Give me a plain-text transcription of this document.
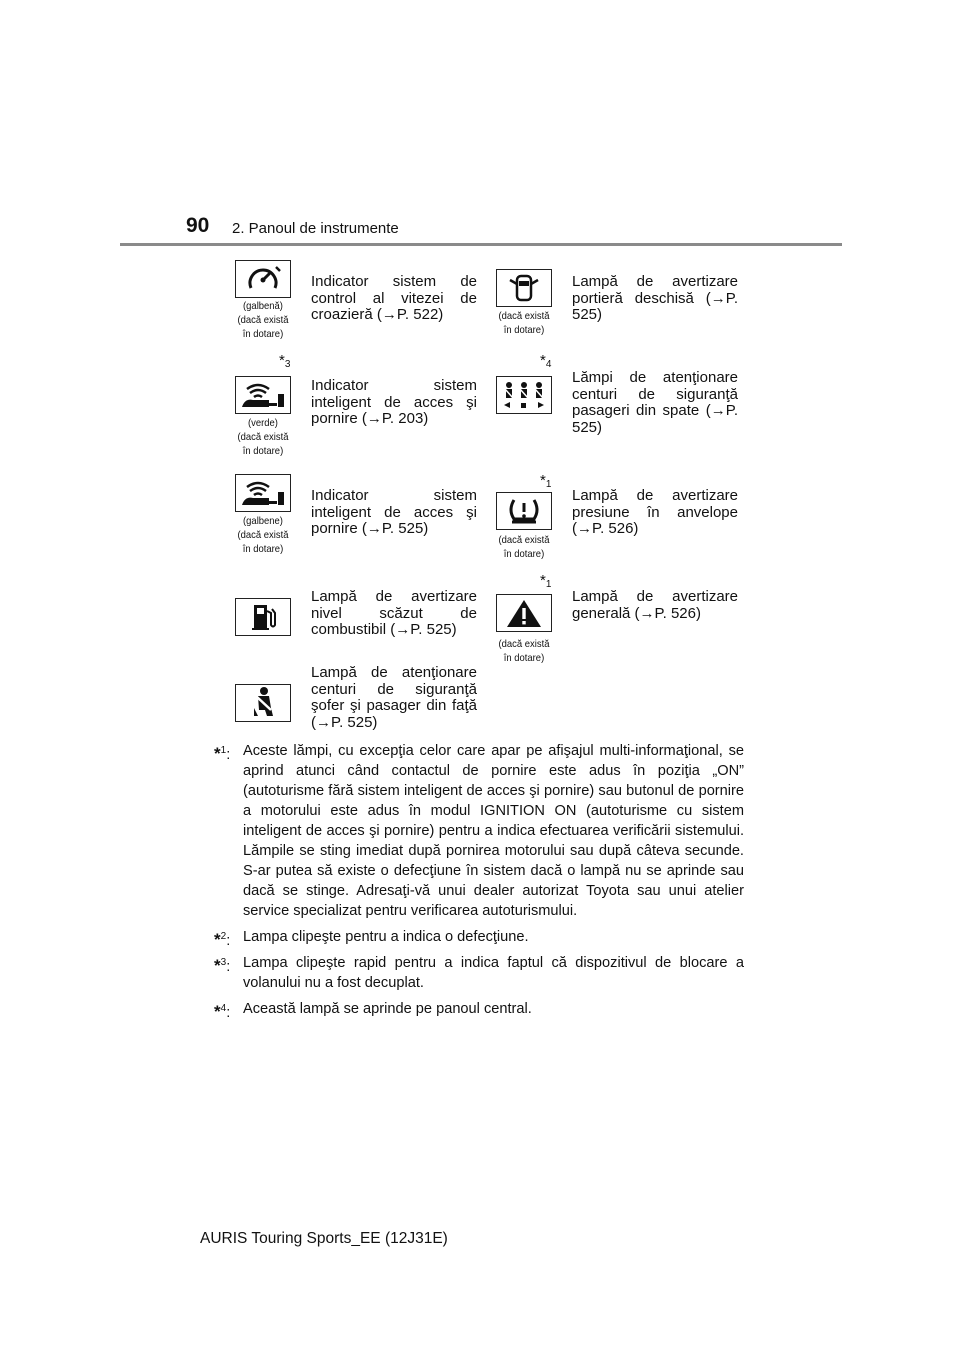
90 2. Panoul de instrumente
(galbenă)
(dacă există
în dotare)
Indicator sistem de control al vitezei de croazieră (→P. 522)	(dacă există
în dotare)
Lampă de avertizare portieră deschisă (→P. 525)
$*_3$
(verde)
(dacă există
în dotare)
Indicator sistem inteligent de acces şi pornire (→P. 203)
$*_4$
Lămpi de atenţionare centuri de siguranţă pasageri din spate (→P. 525)
(galbene)
(dacă există
în dotare)
Indicator sistem inteligent de acces şi pornire (→P. 525)
$*_1$
(dacă există
în dotare)
Lampă de avertizare presiune în anvelope (→P. 526)
Lampă de avertizare nivel scăzut de combustibil (→P. 525)
$*_1$
(dacă există
în dotare)
Lampă de avertizare generală (→P. 526)
Lampă de atenţionare centuri de siguranţă şofer şi pasager din faţă (→P. 525)
*$^1$: Aceste lămpi, cu excepţia celor care apar pe afişajul multi-informaţional, se aprind atunci când contactul de pornire este adus în poziţia „ON” (autoturisme fără sistem inteligent de acces şi pornire) sau butonul de pornire a motorului este adus în modul IGNITION ON (autoturisme cu sistem inteligent de acces şi pornire) pentru a indica efectuarea verificării sistemului. Lămpile se sting imediat după pornirea motorului sau după câteva secunde. S-ar putea să existe o defecţiune în sistem dacă o lampă nu se aprinde sau dacă se stinge. Adresaţi-vă unui dealer autorizat Toyota sau unui atelier service specializat pentru verificarea autoturismului.
*$^2$: Lampa clipeşte pentru a indica o defecţiune.
*$^3$: Lampa clipeşte rapid pentru a indica faptul că dispozitivul de blocare a volanului nu a fost decuplat.
*$^4$: Această lampă se aprinde pe panoul central.
AURIS Touring Sports_EE (12J31E)
